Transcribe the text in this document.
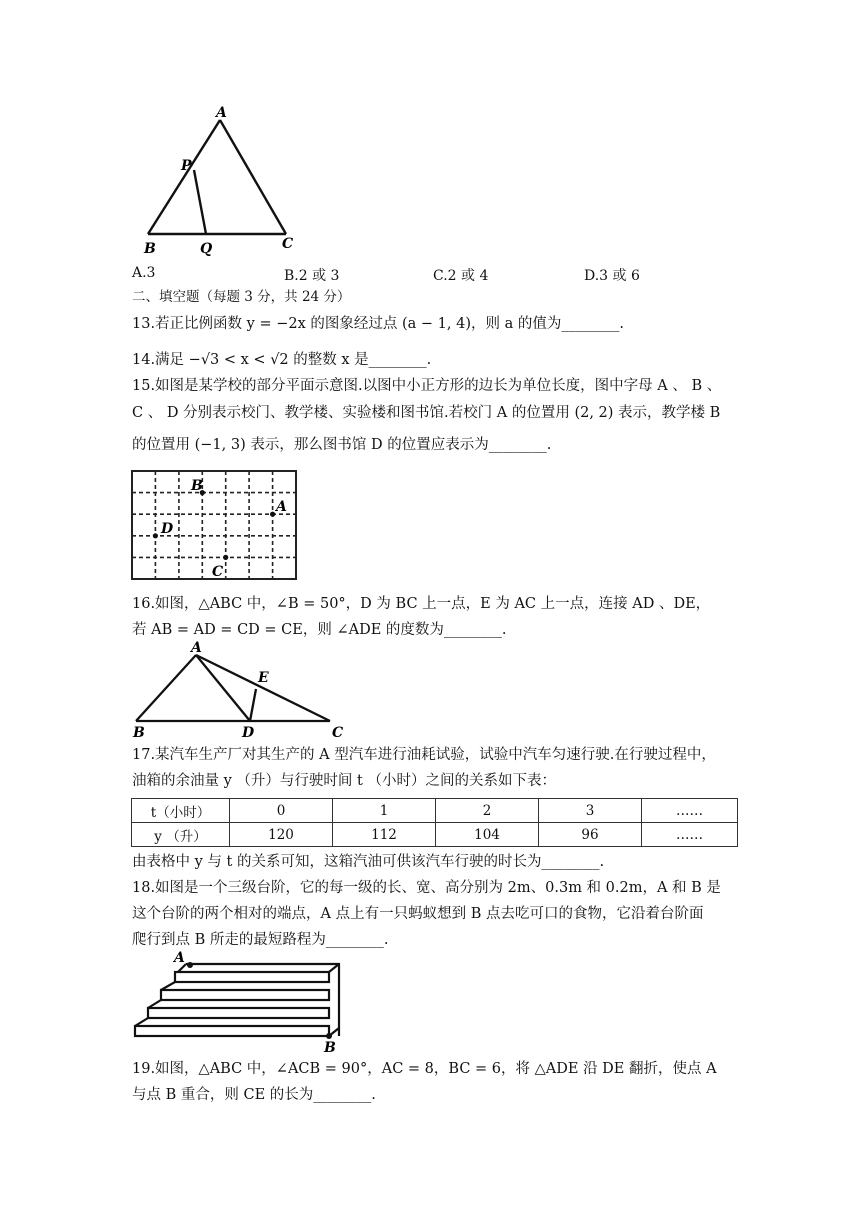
A
P
B	Q	C
A.3	B.2 或 3	C.2 或 4	D.3 或 6
二、填空题（每题 3 分，共 24 分）
13.若正比例函数 y = −2x 的图象经过点 (a − 1, 4)，则 a 的值为________.
14.满足 −√3 < x < √2 的整数 x 是________.
15.如图是某学校的部分平面示意图.以图中小正方形的边长为单位长度，图中字母 A 、 B 、
C 、 D 分别表示校门、教学楼、实验楼和图书馆.若校门 A 的位置用 (2, 2) 表示，教学楼 B
的位置用 (−1, 3) 表示，那么图书馆 D 的位置应表示为________.
B
A
D
C
16.如图，△ABC 中，∠B = 50°，D 为 BC 上一点，E 为 AC 上一点，连接 AD 、DE，
若 AB = AD = CD = CE，则 ∠ADE 的度数为________.
A
E
B	D	C
17.某汽车生产厂对其生产的 A 型汽车进行油耗试验，试验中汽车匀速行驶.在行驶过程中，
油箱的余油量 y （升）与行驶时间 t （小时）之间的关系如下表：
t（小时）	0	1	2	3	……
y （升）	120	112	104	96	……
由表格中 y 与 t 的关系可知，这箱汽油可供该汽车行驶的时长为________.
18.如图是一个三级台阶，它的每一级的长、宽、高分别为 2m、0.3m 和 0.2m，A 和 B 是
这个台阶的两个相对的端点，A 点上有一只蚂蚁想到 B 点去吃可口的食物，它沿着台阶面
爬行到点 B 所走的最短路程为________.
A
B
19.如图，△ABC 中，∠ACB = 90°，AC = 8，BC = 6，将 △ADE 沿 DE 翻折，使点 A
与点 B 重合，则 CE 的长为________.
